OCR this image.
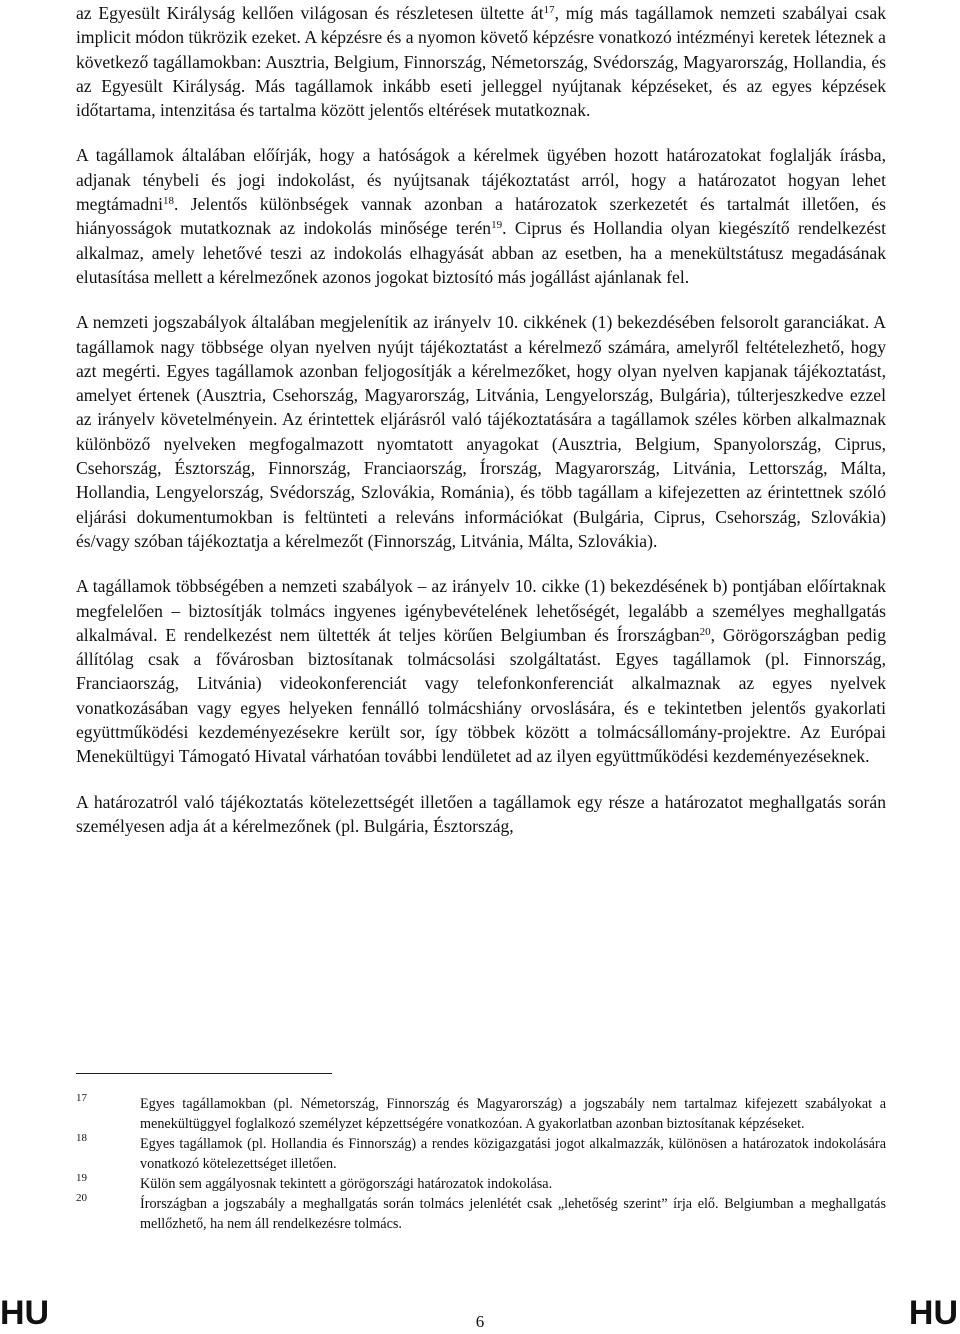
az Egyesült Királyság kellően világosan és részletesen ültette $át^{17}$, míg más tagállamok nemzeti szabályai csak implicit módon tükrözik ezeket. A képzésre és a nyomon követő képzésre vonatkozó intézményi keretek léteznek a következő tagállamokban: Ausztria, Belgium, Finnország, Németország, Svédország, Magyarország, Hollandia, és az Egyesült Királyság. Más tagállamok inkább eseti jelleggel nyújtanak képzéseket, és az egyes képzések időtartama, intenzitása és tartalma között jelentős eltérések mutatkoznak.

A tagállamok általában előírják, hogy a hatóságok a kérelmek ügyében hozott határozatokat foglalják írásba, adjanak ténybeli és jogi indokolást, és nyújtsanak tájékoztatást arról, hogy a határozatot hogyan lehet megtámadni$^{18}$. Jelentős különbségek vannak azonban a határozatok szerkezetét és tartalmát illetően, és hiányosságok mutatkoznak az indokolás minősége terén$^{19}$. Ciprus és Hollandia olyan kiegészítő rendelkezést alkalmaz, amely lehetővé teszi az indokolás elhagyását abban az esetben, ha a menekültstátusz megadásának elutasítása mellett a kérelmezőnek azonos jogokat biztosító más jogállást ajánlanak fel.

A nemzeti jogszabályok általában megjelenítik az irányelv 10. cikkének (1) bekezdésében felsorolt garanciákat. A tagállamok nagy többsége olyan nyelven nyújt tájékoztatást a kérelmező számára, amelyről feltételezhető, hogy azt megérti. Egyes tagállamok azonban feljogosítják a kérelmezőket, hogy olyan nyelven kapjanak tájékoztatást, amelyet értenek (Ausztria, Csehország, Magyarország, Litvánia, Lengyelország, Bulgária), túlterjeszkedve ezzel az irányelv követelményein. Az érintettek eljárásról való tájékoztatására a tagállamok széles körben alkalmaznak különböző nyelveken megfogalmazott nyomtatott anyagokat (Ausztria, Belgium, Spanyolország, Ciprus, Csehország, Észtország, Finnország, Franciaország, Írország, Magyarország, Litvánia, Lettország, Málta, Hollandia, Lengyelország, Svédország, Szlovákia, Románia), és több tagállam a kifejezetten az érintettnek szóló eljárási dokumentumokban is feltünteti a releváns információkat (Bulgária, Ciprus, Csehország, Szlovákia) és/vagy szóban tájékoztatja a kérelmezőt (Finnország, Litvánia, Málta, Szlovákia).

A tagállamok többségében a nemzeti szabályok – az irányelv 10. cikke (1) bekezdésének b) pontjában előírtaknak megfelelően – biztosítják tolmács ingyenes igénybevételének lehetőségét, legalább a személyes meghallgatás alkalmával. E rendelkezést nem ültették át teljes körűen Belgiumban és Írországban$^{20}$, Görögországban pedig állítólag csak a fővárosban biztosítanak tolmácsolási szolgáltatást. Egyes tagállamok (pl. Finnország, Franciaország, Litvánia) videokonferenciát vagy telefonkonferenciát alkalmaznak az egyes nyelvek vonatkozásában vagy egyes helyeken fennálló tolmácshiány orvoslására, és e tekintetben jelentős gyakorlati együttműködési kezdeményezésekre került sor, így többek között a tolmácsállomány-projektre. Az Európai Menekültügyi Támogató Hivatal várhatóan további lendületet ad az ilyen együttműködési kezdeményezéseknek.

A határozatról való tájékoztatás kötelezettségét illetően a tagállamok egy része a határozatot meghallgatás során személyesen adja át a kérelmezőnek (pl. Bulgária, Észtország,

17	Egyes tagállamokban (pl. Németország, Finnország és Magyarország) a jogszabály nem tartalmaz kifejezett szabályokat a menekültüggyel foglalkozó személyzet képzettségére vonatkozóan. A gyakorlatban azonban biztosítanak képzéseket.
18	Egyes tagállamok (pl. Hollandia és Finnország) a rendes közigazgatási jogot alkalmazzák, különösen a határozatok indokolására vonatkozó kötelezettséget illetően.
19	Külön sem aggályosnak tekintett a görögországi határozatok indokolása.
20	Írországban a jogszabály a meghallgatás során tolmács jelenlétét csak „lehetőség szerint” írja elő. Belgiumban a meghallgatás mellőzhető, ha nem áll rendelkezésre tolmács.
HU	6	HU
